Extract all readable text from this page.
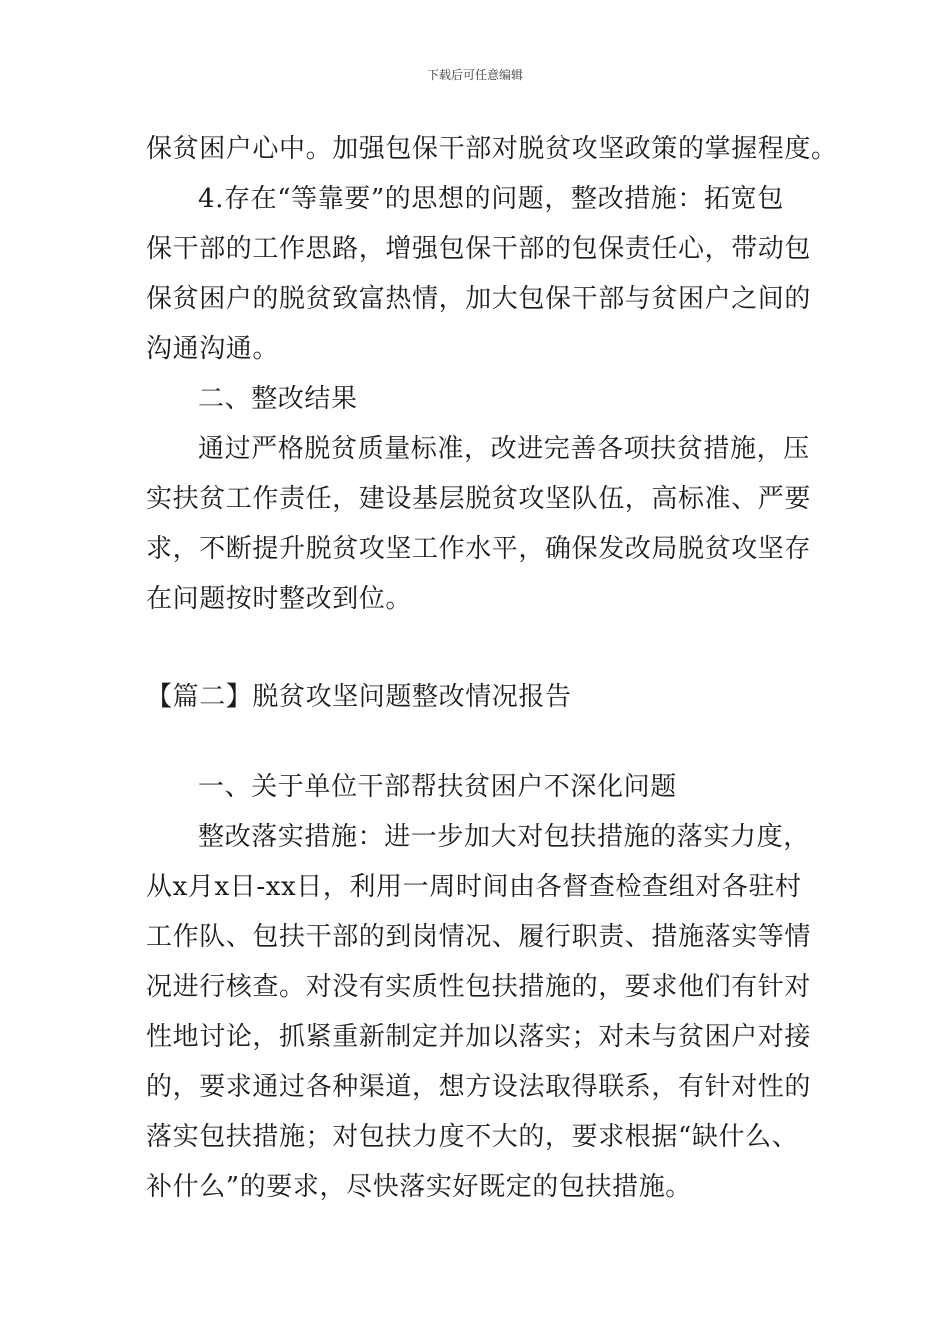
下载后可任意编辑
保贫困户心中。加强包保干部对脱贫攻坚政策的掌握程度。
4.存在“等靠要”的思想的问题，整改措施：拓宽包
保干部的工作思路，增强包保干部的包保责任心，带动包
保贫困户的脱贫致富热情，加大包保干部与贫困户之间的
沟通沟通。
二、整改结果
通过严格脱贫质量标准，改进完善各项扶贫措施，压
实扶贫工作责任，建设基层脱贫攻坚队伍，高标准、严要
求，不断提升脱贫攻坚工作水平，确保发改局脱贫攻坚存
在问题按时整改到位。
【篇二】脱贫攻坚问题整改情况报告
一、关于单位干部帮扶贫困户不深化问题
整改落实措施：进一步加大对包扶措施的落实力度，
从x月x日-xx日，利用一周时间由各督查检查组对各驻村
工作队、包扶干部的到岗情况、履行职责、措施落实等情
况进行核查。对没有实质性包扶措施的，要求他们有针对
性地讨论，抓紧重新制定并加以落实；对未与贫困户对接
的，要求通过各种渠道，想方设法取得联系，有针对性的
落实包扶措施；对包扶力度不大的，要求根据“缺什么、
补什么”的要求，尽快落实好既定的包扶措施。
